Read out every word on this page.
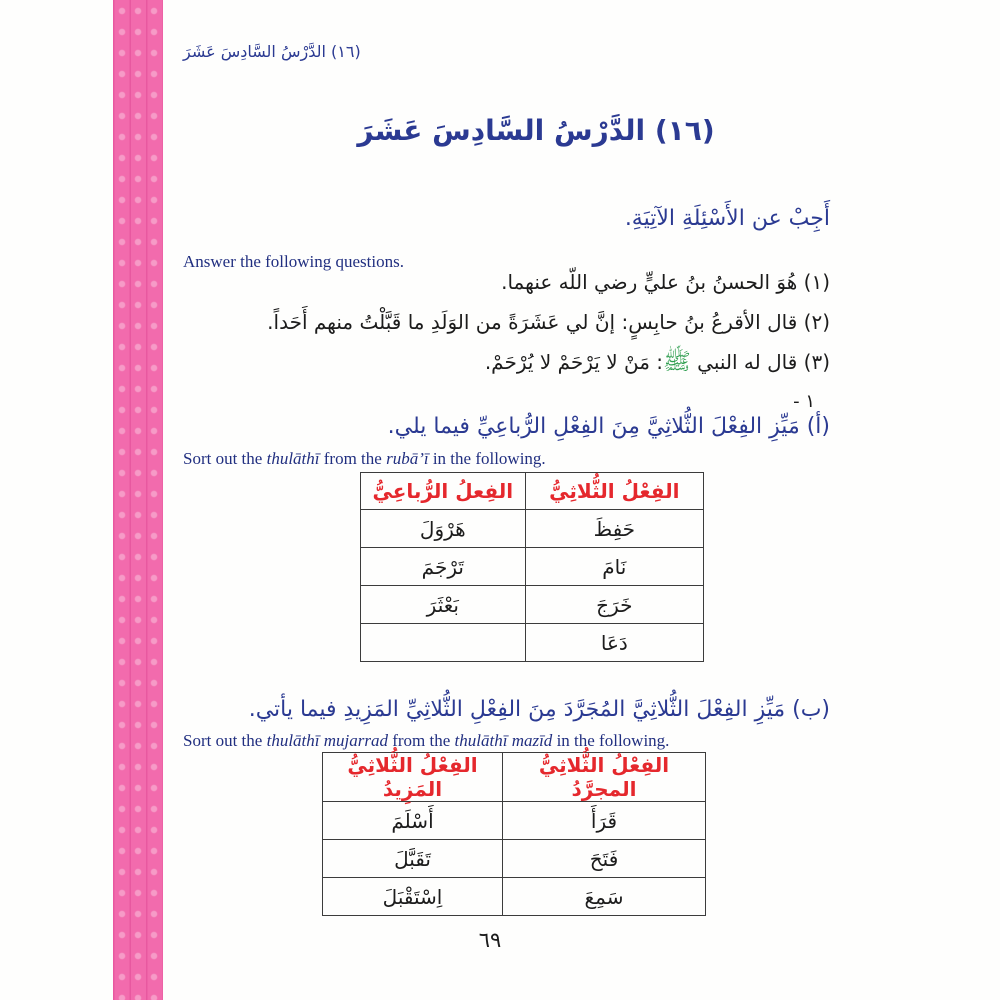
(١٦) الدَّرْسُ السَّادِسَ عَشَرَ
(١٦) الدَّرْسُ السَّادِسَ عَشَرَ
أَجِبْ عن الأَسْئِلَةِ الآتِيَةِ.
Answer the following questions.
(١) هُوَ الحسنُ بنُ عليٍّ رضي اللّه عنهما.
(٢) قال الأقرعُ بنُ حابِسٍ: إنَّ لي عَشَرَةً من الوَلَدِ ما قَبَّلْتُ منهم أَحَداً.
(٣) قال له النبي ﷺ: مَنْ لا يَرْحَمْ لا يُرْحَمْ.
- ١
(أ) مَيِّزِ الفِعْلَ الثُّلاثِيَّ مِنَ الفِعْلِ الرُّباعِيِّ فيما يلي.
Sort out the thulāthī from the rubā’ī in the following.
الفِعْلُ الثُّلاثِيُّ	الفِعلُ الرُّباعِيُّ
حَفِظَ	هَرْوَلَ
نَامَ	تَرْجَمَ
خَرَجَ	بَعْثَرَ
دَعَا	
(ب) مَيِّزِ الفِعْلَ الثُّلاثِيَّ المُجَرَّدَ مِنَ الفِعْلِ الثُّلاثِيِّ المَزِيدِ فيما يأتي.
Sort out the thulāthī mujarrad from the thulāthī mazīd in the following.
الفِعْلُ الثُّلاثِيُّ المجرَّدُ	الفِعْلُ الثُّلاثِيُّ المَزِيدُ
قَرَأَ	أَسْلَمَ
فَتَحَ	تَقَبَّلَ
سَمِعَ	اِسْتَقْبَلَ
٦٩
